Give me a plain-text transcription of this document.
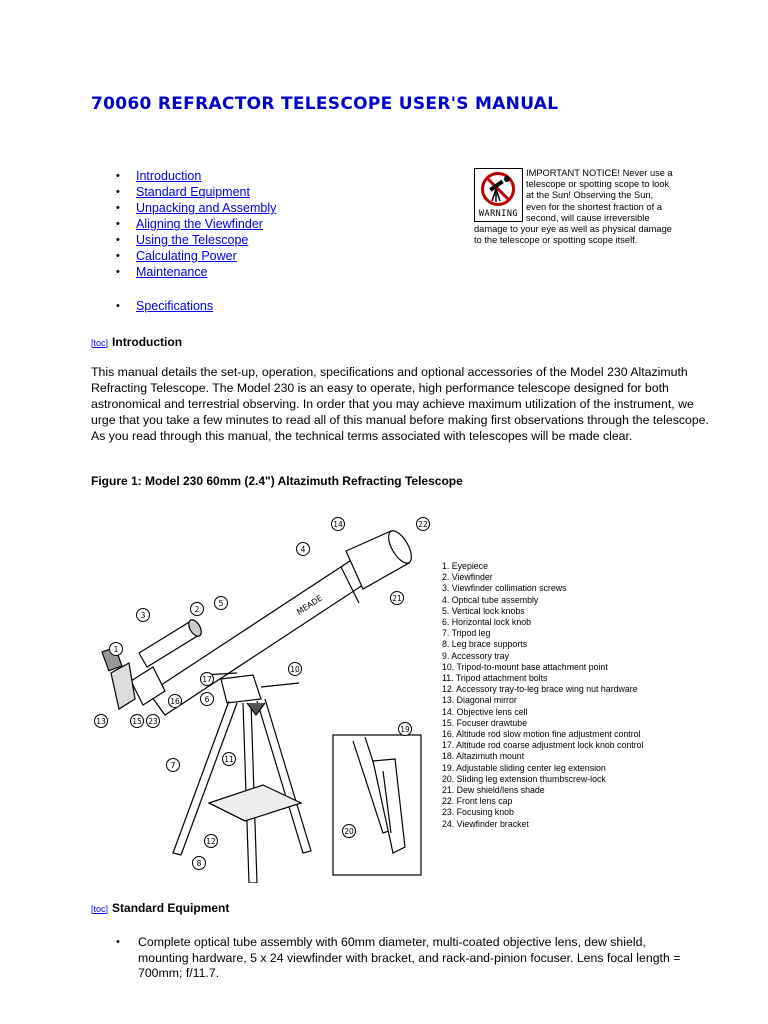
70060 REFRACTOR TELESCOPE USER'S MANUAL
• Introduction
• Standard Equipment
• Unpacking and Assembly
• Aligning the Viewfinder
• Using the Telescope
• Calculating Power
• Maintenance
• Specifications
WARNING
IMPORTANT NOTICE! Never use a telescope or spotting scope to look at the Sun! Observing the Sun, even for the shortest fraction of a second, will cause irreversible damage to your eye as well as physical damage to the telescope or spotting scope itself.
[toc] Introduction

This manual details the set-up, operation, specifications and optional accessories of the Model 230 Altazimuth Refracting Telescope. The Model 230 is an easy to operate, high performance telescope designed for both astronomical and terrestrial observing. In order that you may achieve maximum utilization of the instrument, we urge that you take a few minutes to read all of this manual before making first observations through the telescope. As you read through this manual, the technical terms associated with telescopes will be made clear.

Figure 1: Model 230 60mm (2.4") Altazimuth Refracting Telescope

1
2
3
4
5
6
7
8
10
11
12
13
14
15
16
17
19
20
21
22
23
MEADE
1. Eyepiece
2. Viewfinder
3. Viewfinder collimation screws
4. Optical tube assembly
5. Vertical lock knobs
6. Horizontal lock knob
7. Tripod leg
8. Leg brace supports
9. Accessory tray
10. Tripod-to-mount base attachment point
11. Tripod attachment bolts
12. Accessory tray-to-leg brace wing nut hardware
13. Diagonal mirror
14. Objective lens cell
15. Focuser drawtube
16. Altitude rod slow motion fine adjustment control
17. Altitude rod coarse adjustment lock knob control
18. Altazimuth mount
19. Adjustable sliding center leg extension
20. Sliding leg extension thumbscrew-lock
21. Dew shield/lens shade
22. Front lens cap
23. Focusing knob
24. Viewfinder bracket
[toc] Standard Equipment
• Complete optical tube assembly with 60mm diameter, multi-coated objective lens, dew shield, mounting hardware, 5 x 24 viewfinder with bracket, and rack-and-pinion focuser. Lens focal length = 700mm; f/11.7.
